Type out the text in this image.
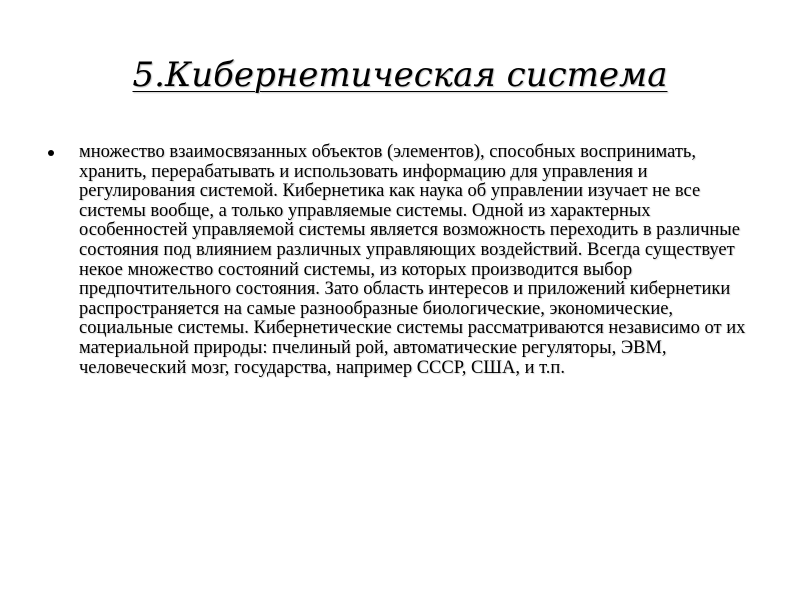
5.Кибернетическая система
множество взаимосвязанных объектов (элементов), способных воспринимать, хранить, перерабатывать и использовать информацию для управления и регулирования системой. Кибернетика как наука об управлении изучает не все системы вообще, а только управляемые системы. Одной из характерных особенностей управляемой системы является возможность переходить в различные состояния под влиянием различных управляющих воздействий. Всегда существует некое множество состояний системы, из которых производится выбор предпочтительного состояния. Зато область интересов и приложений кибернетики распространяется на самые разнообразные биологические, экономические, социальные системы. Кибернетические системы рассматриваются независимо от их материальной природы: пчелиный рой, автоматические регуляторы, ЭВМ, человеческий мозг, государства, например СССР, США, и т.п.
